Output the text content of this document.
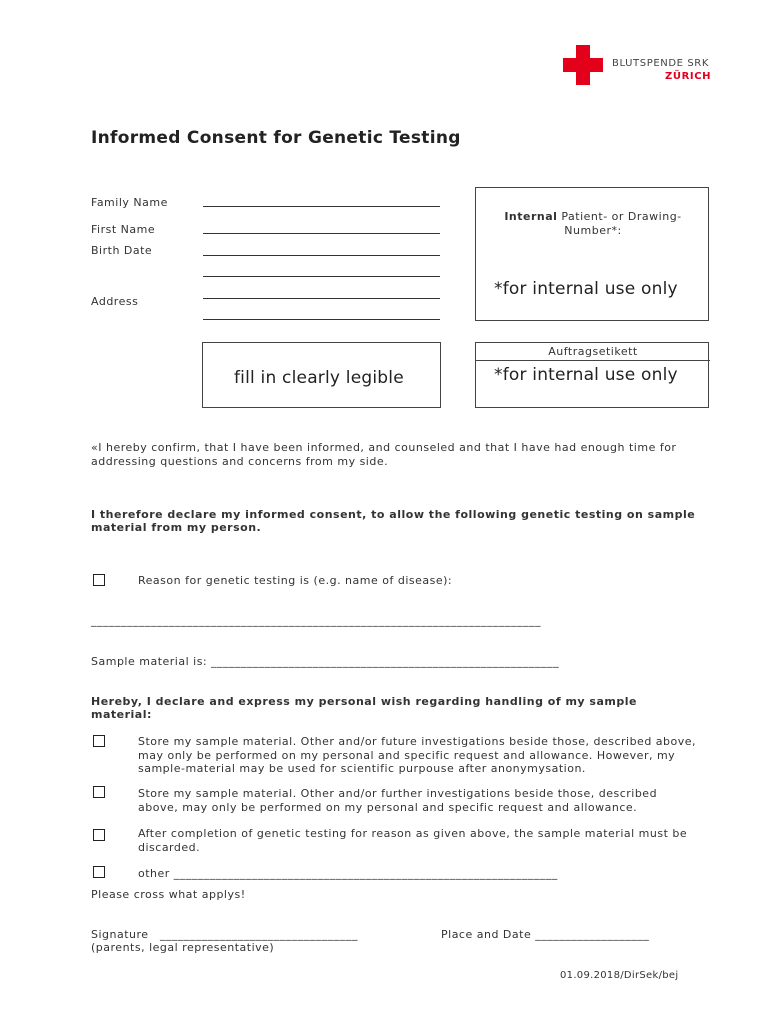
BLUTSPENDE SRK
ZÜRICH
Informed Consent for Genetic Testing
Family Name
First Name
Birth Date
Address
Internal Patient- or Drawing-
Number*:
*for internal use only
fill in clearly legible
Auftragsetikett
*for internal use only
«I hereby confirm, that I have been informed, and counseled and that I have had enough time for
addressing questions and concerns from my side.
I therefore declare my informed consent, to allow the following genetic testing on sample
material from my person.
Reason for genetic testing is (e.g. name of disease):
___________________________________________________________________________
Sample material is: __________________________________________________________
Hereby, I declare and express my personal wish regarding handling of my sample
material:
Store my sample material. Other and/or future investigations beside those, described above,
may only be performed on my personal and specific request and allowance. However, my
sample-material may be used for scientific purpouse after anonymysation.
Store my sample material. Other and/or further investigations beside those, described
above, may only be performed on my personal and specific request and allowance.
After completion of genetic testing for reason as given above, the sample material must be
discarded.
other ________________________________________________________________
Please cross what applys!
Signature _________________________________
(parents, legal representative)
Place and Date ___________________
01.09.2018/DirSek/bej
